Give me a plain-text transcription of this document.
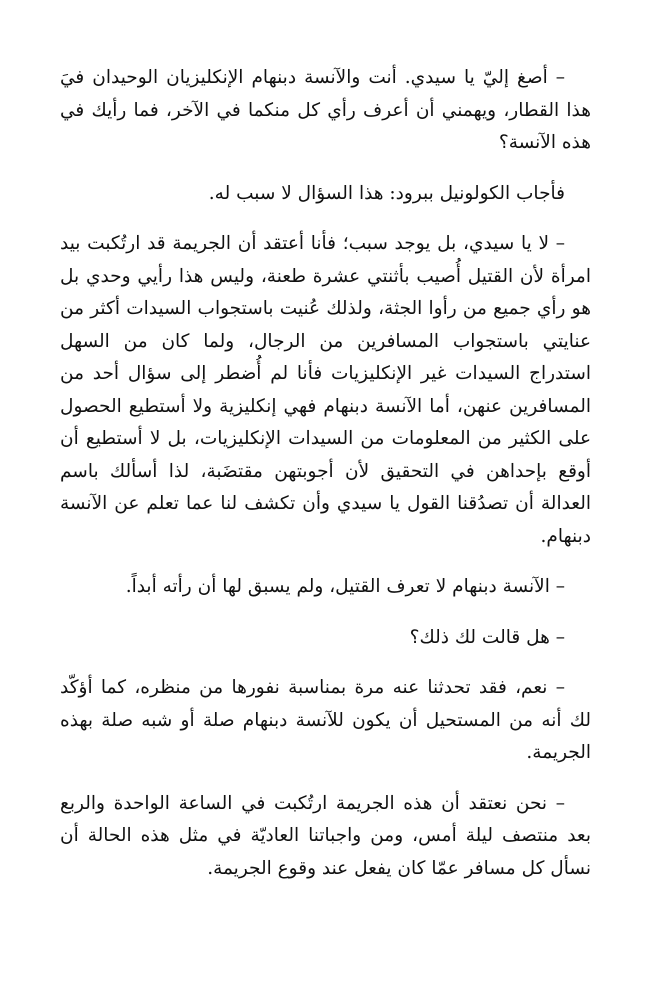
– أصغ إليّ يا سيدي. أنت والآنسة دبنهام الإنكليزيان الوحيدان فيَ هذا القطار، ويهمني أن أعرف رأي كل منكما في الآخر، فما رأيك في هذه الآنسة؟

فأجاب الكولونيل ببرود: هذا السؤال لا سبب له.

– لا يا سيدي، بل يوجد سبب؛ فأنا أعتقد أن الجريمة قد ارتُكبت بيد امرأة لأن القتيل أُصيب بأثنتي عشرة طعنة، وليس هذا رأيي وحدي بل هو رأي جميع من رأوا الجثة، ولذلك عُنيت باستجواب السيدات أكثر من عنايتي باستجواب المسافرين من الرجال، ولما كان من السهل استدراج السيدات غير الإنكليزيات فأنا لم أُضطر إلى سؤال أحد من المسافرين عنهن، أما الآنسة دبنهام فهي إنكليزية ولا أستطيع الحصول على الكثير من المعلومات من السيدات الإنكليزيات، بل لا أستطيع أن أوقع بإحداهن في التحقيق لأن أجوبتهن مقتضَبة، لذا أسألك باسم العدالة أن تصدُقنا القول يا سيدي وأن تكشف لنا عما تعلم عن الآنسة دبنهام.

– الآنسة دبنهام لا تعرف القتيل، ولم يسبق لها أن رأته أبداً.

– هل قالت لك ذلك؟

– نعم، فقد تحدثنا عنه مرة بمناسبة نفورها من منظره، كما أؤكّد لك أنه من المستحيل أن يكون للآنسة دبنهام صلة أو شبه صلة بهذه الجريمة.

– نحن نعتقد أن هذه الجريمة ارتُكبت في الساعة الواحدة والربع بعد منتصف ليلة أمس، ومن واجباتنا العاديّة في مثل هذه الحالة أن نسأل كل مسافر عمّا كان يفعل عند وقوع الجريمة.
